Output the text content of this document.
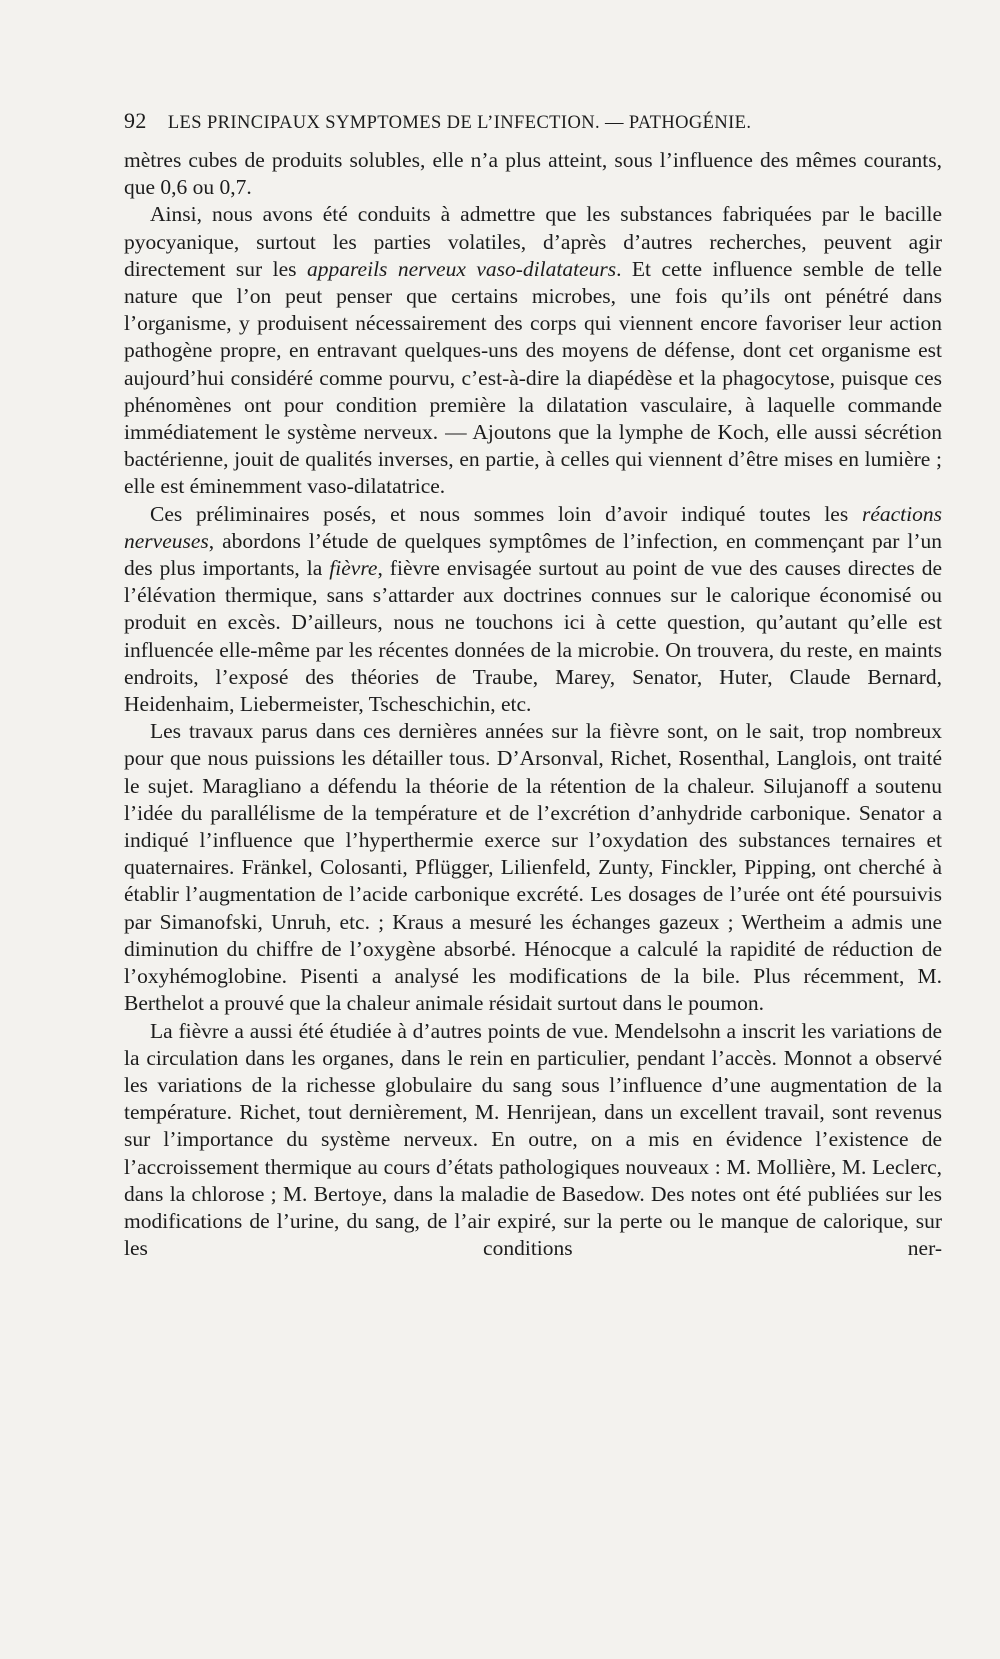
92 LES PRINCIPAUX SYMPTOMES DE L’INFECTION. — PATHOGÉNIE.

mètres cubes de produits solubles, elle n’a plus atteint, sous l’influence des mêmes courants, que 0,6 ou 0,7.

Ainsi, nous avons été conduits à admettre que les substances fabriquées par le bacille pyocyanique, surtout les parties volatiles, d’après d’autres recherches, peuvent agir directement sur les appareils nerveux vaso-dilatateurs. Et cette influence semble de telle nature que l’on peut penser que certains microbes, une fois qu’ils ont pénétré dans l’organisme, y produisent nécessairement des corps qui viennent encore favoriser leur action pathogène propre, en entravant quelques-uns des moyens de défense, dont cet organisme est aujourd’hui considéré comme pourvu, c’est-à-dire la diapédèse et la phagocytose, puisque ces phénomènes ont pour condition première la dilatation vasculaire, à laquelle commande immédiatement le système nerveux. — Ajoutons que la lymphe de Koch, elle aussi sécrétion bactérienne, jouit de qualités inverses, en partie, à celles qui viennent d’être mises en lumière ; elle est éminemment vaso-dilatatrice.

Ces préliminaires posés, et nous sommes loin d’avoir indiqué toutes les réactions nerveuses, abordons l’étude de quelques symptômes de l’infection, en commençant par l’un des plus importants, la fièvre, fièvre envisagée surtout au point de vue des causes directes de l’élévation thermique, sans s’attarder aux doctrines connues sur le calorique économisé ou produit en excès. D’ailleurs, nous ne touchons ici à cette question, qu’autant qu’elle est influencée elle-même par les récentes données de la microbie. On trouvera, du reste, en maints endroits, l’exposé des théories de Traube, Marey, Senator, Huter, Claude Bernard, Heidenhaim, Liebermeister, Tscheschichin, etc.

Les travaux parus dans ces dernières années sur la fièvre sont, on le sait, trop nombreux pour que nous puissions les détailler tous. D’Arsonval, Richet, Rosenthal, Langlois, ont traité le sujet. Maragliano a défendu la théorie de la rétention de la chaleur. Silujanoff a soutenu l’idée du parallélisme de la température et de l’excrétion d’anhydride carbonique. Senator a indiqué l’influence que l’hyperthermie exerce sur l’oxydation des substances ternaires et quaternaires. Fränkel, Colosanti, Pflügger, Lilienfeld, Zunty, Finckler, Pipping, ont cherché à établir l’augmentation de l’acide carbonique excrété. Les dosages de l’urée ont été poursuivis par Simanofski, Unruh, etc. ; Kraus a mesuré les échanges gazeux ; Wertheim a admis une diminution du chiffre de l’oxygène absorbé. Hénocque a calculé la rapidité de réduction de l’oxyhémoglobine. Pisenti a analysé les modifications de la bile. Plus récemment, M. Berthelot a prouvé que la chaleur animale résidait surtout dans le poumon.

La fièvre a aussi été étudiée à d’autres points de vue. Mendelsohn a inscrit les variations de la circulation dans les organes, dans le rein en particulier, pendant l’accès. Monnot a observé les variations de la richesse globulaire du sang sous l’influence d’une augmentation de la température. Richet, tout dernièrement, M. Henrijean, dans un excellent travail, sont revenus sur l’importance du système nerveux. En outre, on a mis en évidence l’existence de l’accroissement thermique au cours d’états pathologiques nouveaux : M. Mollière, M. Leclerc, dans la chlorose ; M. Bertoye, dans la maladie de Basedow. Des notes ont été publiées sur les modifications de l’urine, du sang, de l’air expiré, sur la perte ou le manque de calorique, sur les conditions ner-
